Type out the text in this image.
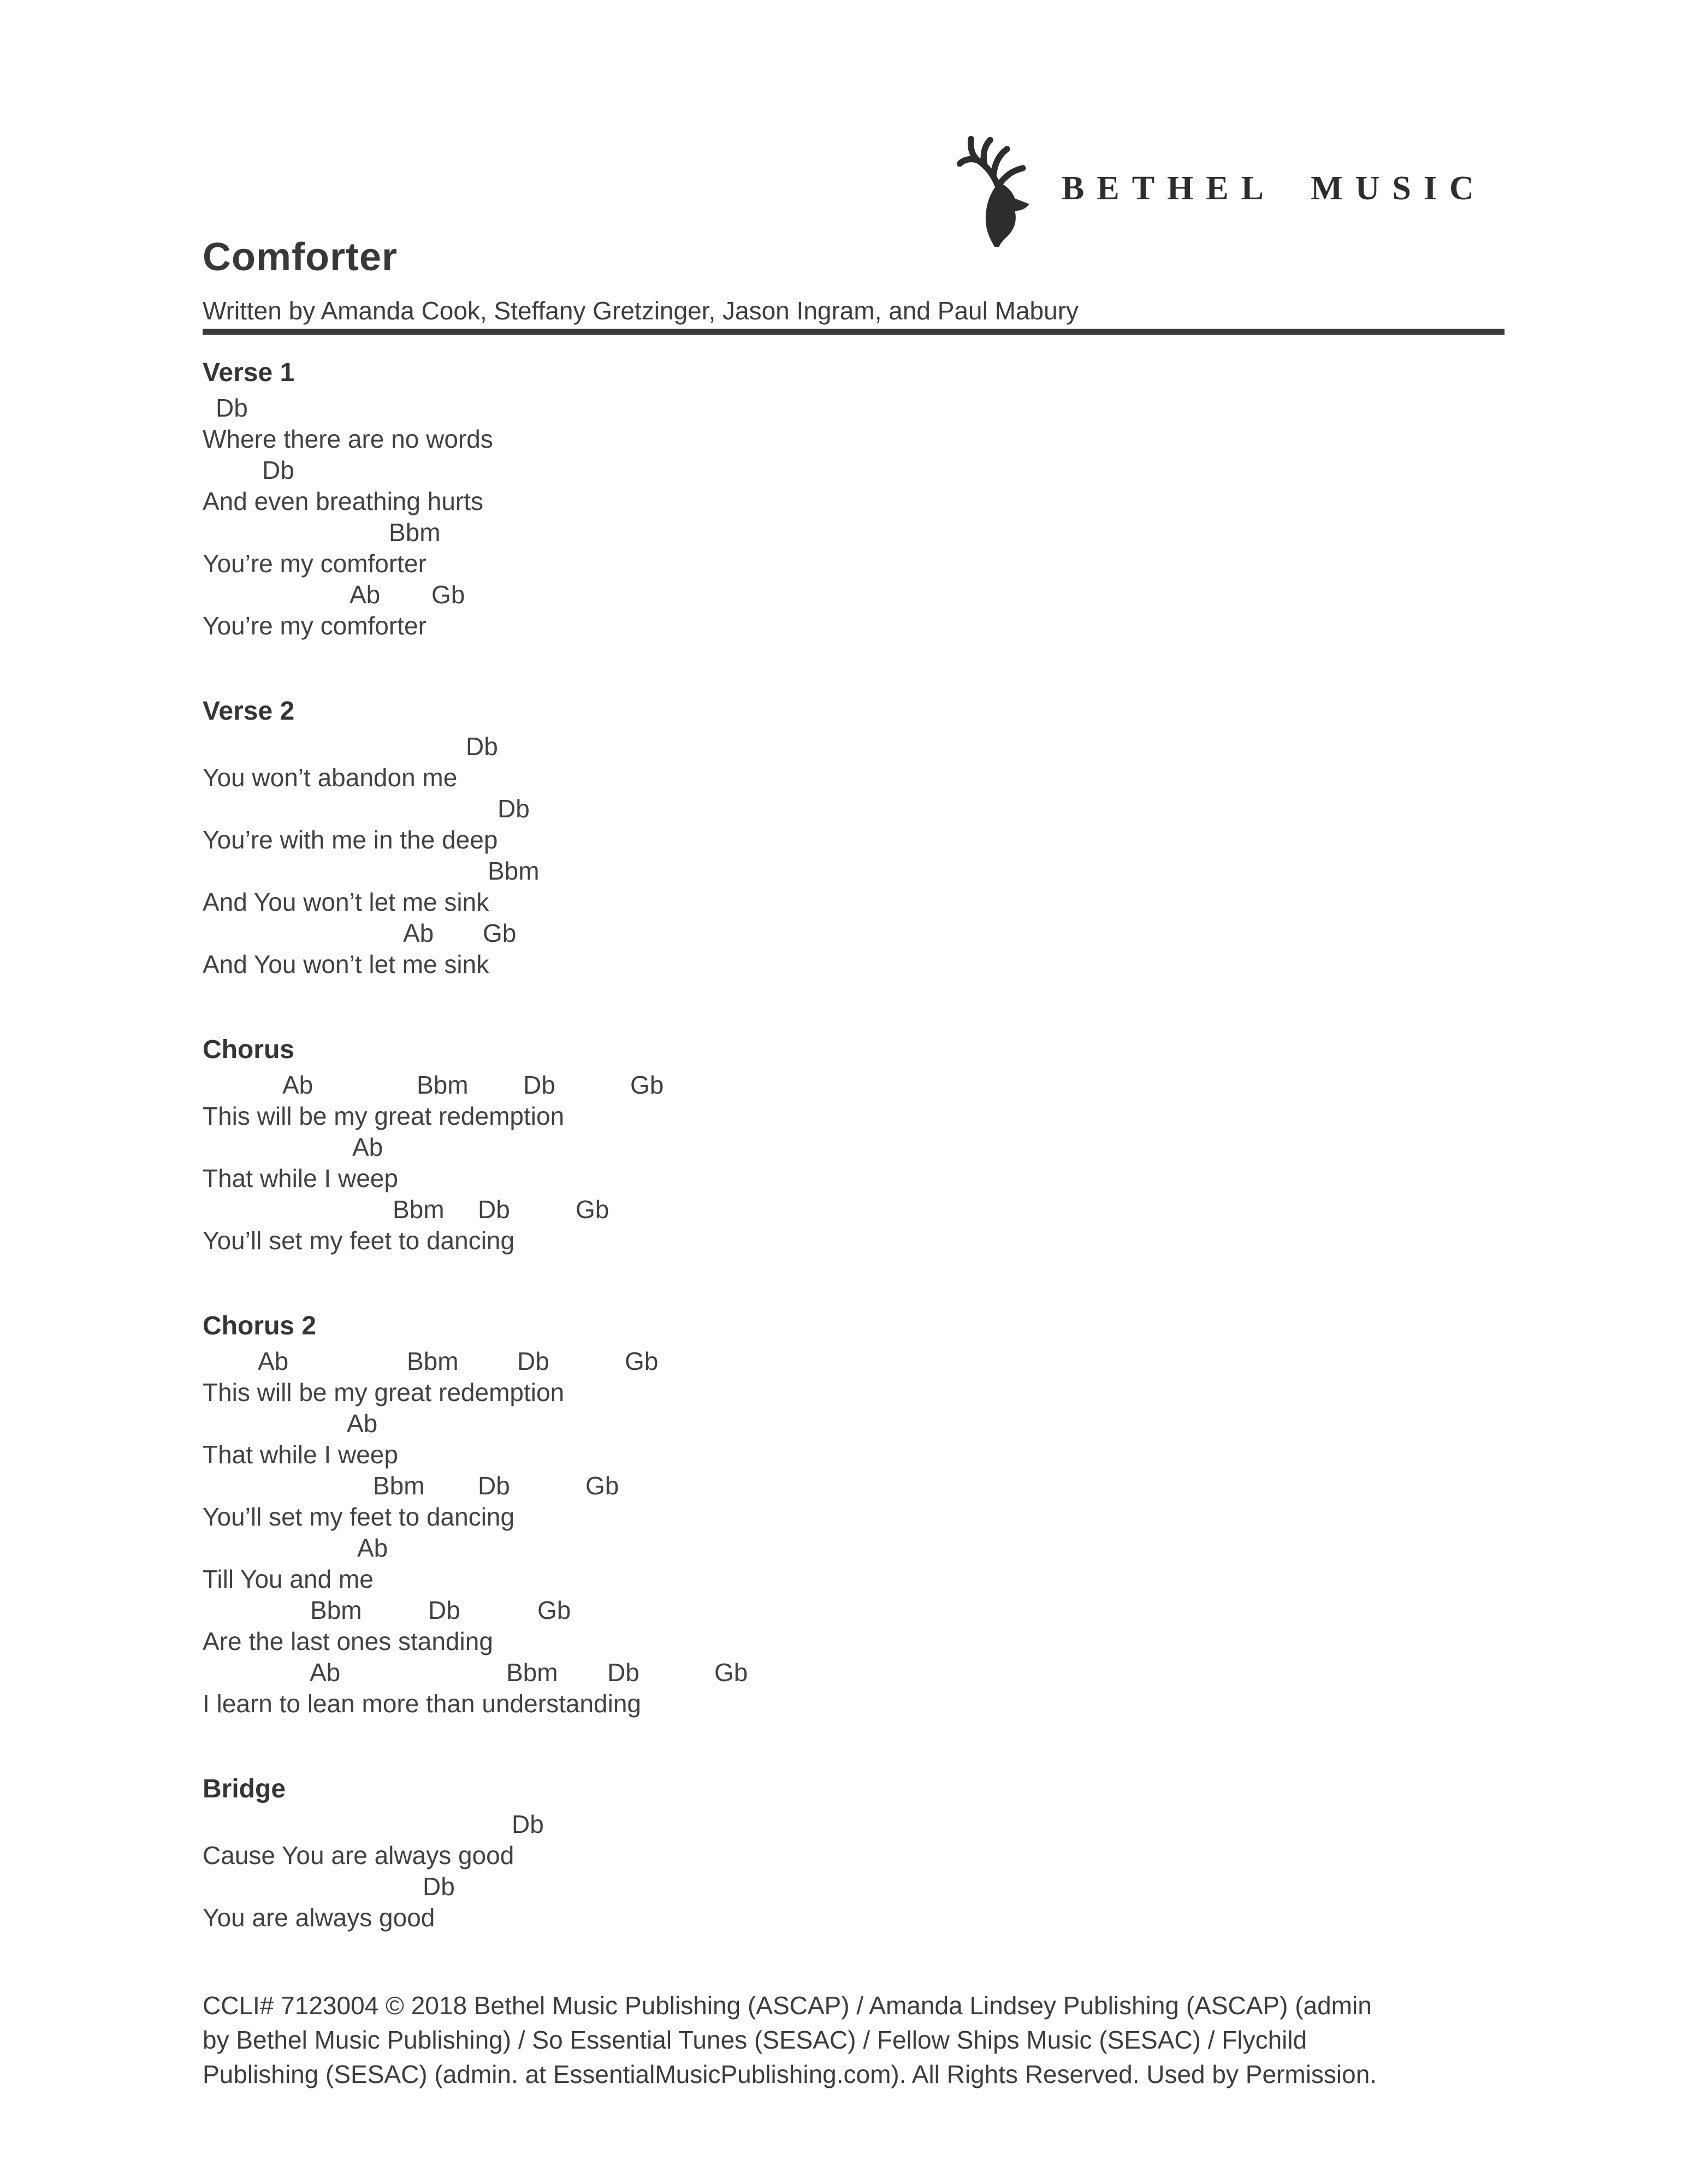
BETHEL MUSIC
Comforter

Written by Amanda Cook, Steffany Gretzinger, Jason Ingram, and Paul Mabury

Verse 1
Db
Where there are no words
Db
And even breathing hurts
Bbm
You’re my comforter
Ab Gb
You’re my comforter
Verse 2
Db
You won’t abandon me
Db
You’re with me in the deep
Bbm
And You won’t let me sink
Ab Gb
And You won’t let me sink
Chorus
Ab	Bbm Db	Gb
This will be my great redemption
Ab
That while I weep
Bbm Db	Gb
You’ll set my feet to dancing
Chorus 2
Ab	Bbm Db	Gb
This will be my great redemption
Ab
That while I weep
Bbm Db	Gb
You’ll set my feet to dancing
Ab
Till You and me
Bbm	Db	Gb
Are the last ones standing
Ab	Bbm Db	Gb
I learn to lean more than understanding
Bridge
Db
Cause You are always good
Db
You are always good
CCLI# 7123004 © 2018 Bethel Music Publishing (ASCAP) / Amanda Lindsey Publishing (ASCAP) (admin
by Bethel Music Publishing) / So Essential Tunes (SESAC) / Fellow Ships Music (SESAC) / Flychild
Publishing (SESAC) (admin. at EssentialMusicPublishing.com). All Rights Reserved. Used by Permission.
